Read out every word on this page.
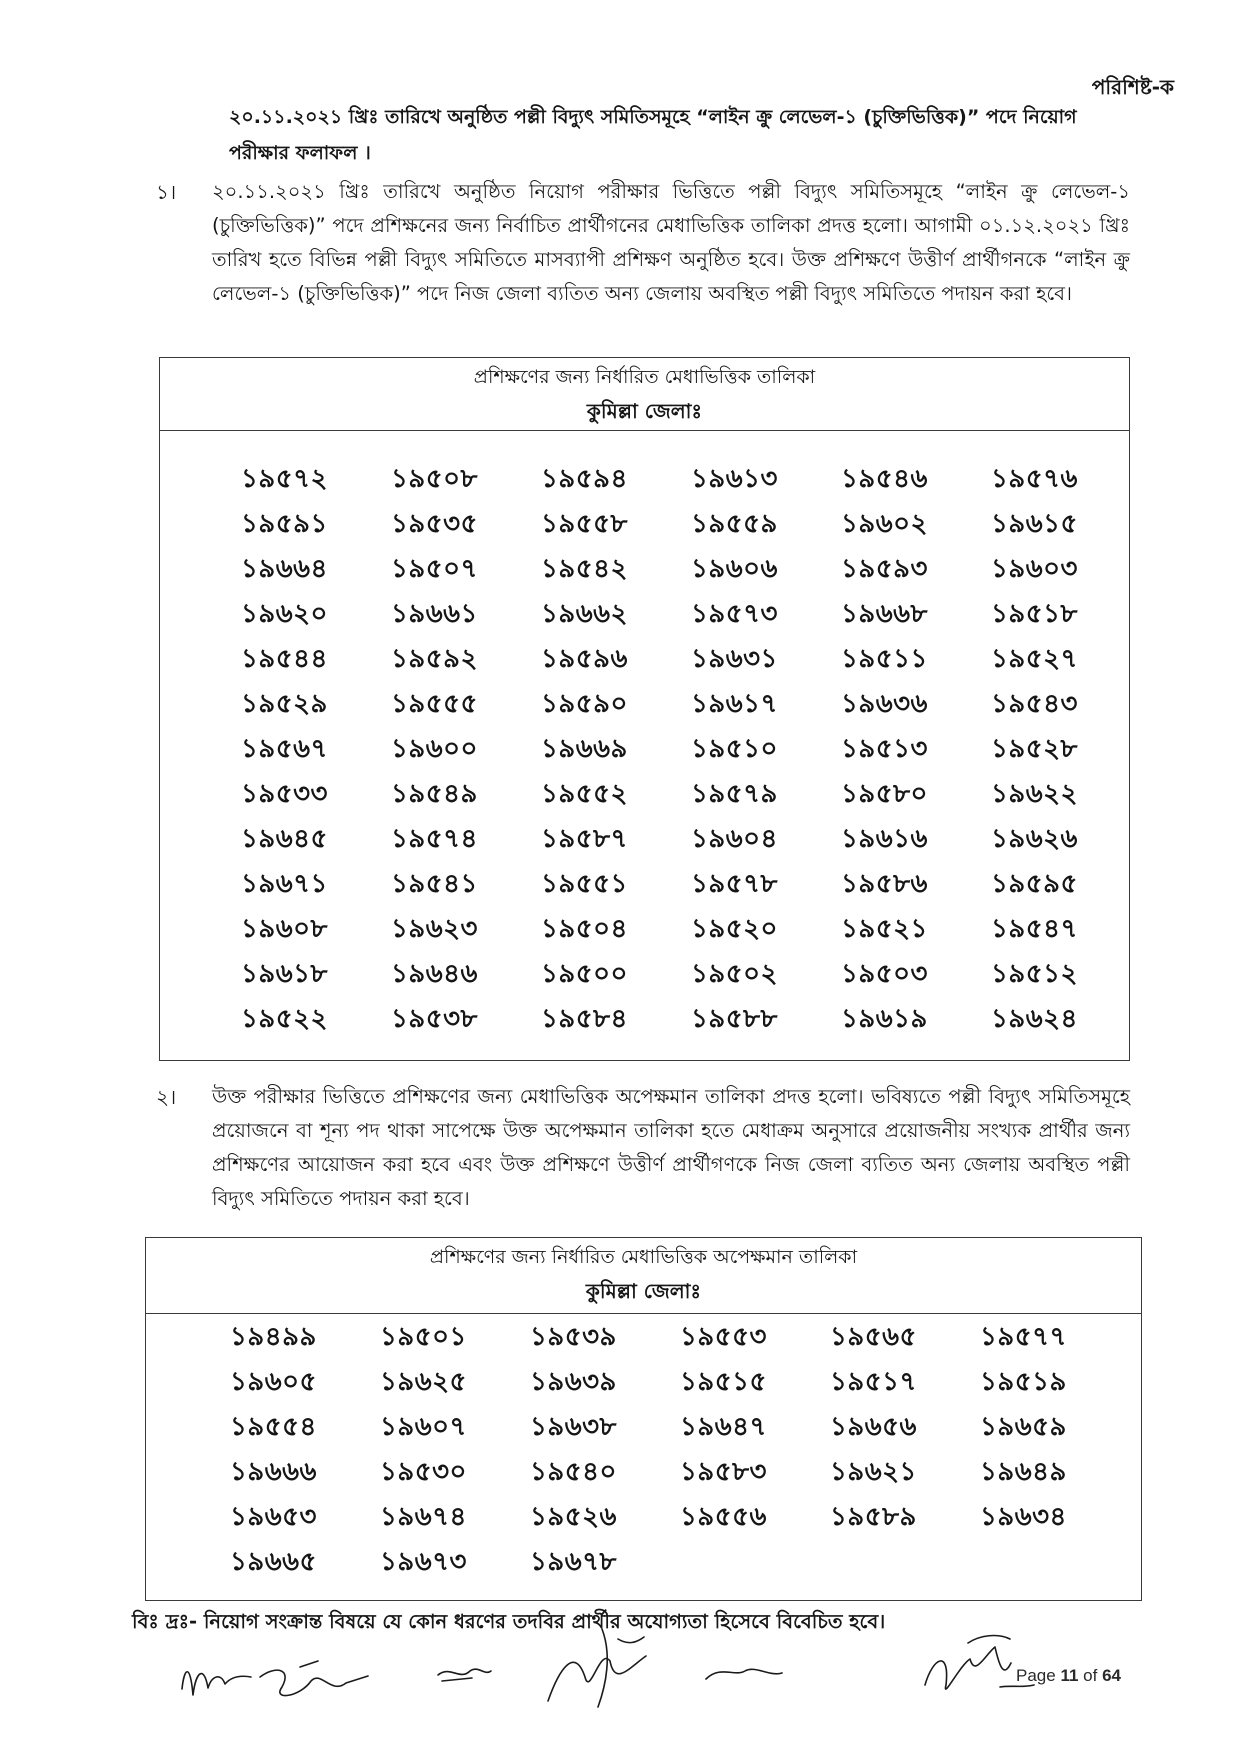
পরিশিষ্ট-ক
২০.১১.২০২১ খ্রিঃ তারিখে অনুষ্ঠিত পল্লী বিদ্যুৎ সমিতিসমূহে “লাইন ক্রু লেভেল-১ (চুক্তিভিত্তিক)” পদে নিয়োগ পরীক্ষার ফলাফল ।
১। ২০.১১.২০২১ খ্রিঃ তারিখে অনুষ্ঠিত নিয়োগ পরীক্ষার ভিত্তিতে পল্লী বিদ্যুৎ সমিতিসমূহে “লাইন ক্রু লেভেল-১ (চুক্তিভিত্তিক)” পদে প্রশিক্ষনের জন্য নির্বাচিত প্রার্থীগনের মেধাভিত্তিক তালিকা প্রদত্ত হলো। আগামী ০১.১২.২০২১ খ্রিঃ তারিখ হতে বিভিন্ন পল্লী বিদ্যুৎ সমিতিতে মাসব্যাপী প্রশিক্ষণ অনুষ্ঠিত হবে। উক্ত প্রশিক্ষণে উত্তীর্ণ প্রার্থীগনকে “লাইন ক্রু লেভেল-১ (চুক্তিভিত্তিক)” পদে নিজ জেলা ব্যতিত অন্য জেলায় অবস্থিত পল্লী বিদ্যুৎ সমিতিতে পদায়ন করা হবে।
প্রশিক্ষণের জন্য নির্ধারিত মেধাভিত্তিক তালিকা
কুমিল্লা জেলাঃ
১৯৫৭২	১৯৫০৮	১৯৫৯৪	১৯৬১৩	১৯৫৪৬	১৯৫৭৬
১৯৫৯১	১৯৫৩৫	১৯৫৫৮	১৯৫৫৯	১৯৬০২	১৯৬১৫
১৯৬৬৪	১৯৫০৭	১৯৫৪২	১৯৬০৬	১৯৫৯৩	১৯৬০৩
১৯৬২০	১৯৬৬১	১৯৬৬২	১৯৫৭৩	১৯৬৬৮	১৯৫১৮
১৯৫৪৪	১৯৫৯২	১৯৫৯৬	১৯৬৩১	১৯৫১১	১৯৫২৭
১৯৫২৯	১৯৫৫৫	১৯৫৯০	১৯৬১৭	১৯৬৩৬	১৯৫৪৩
১৯৫৬৭	১৯৬০০	১৯৬৬৯	১৯৫১০	১৯৫১৩	১৯৫২৮
১৯৫৩৩	১৯৫৪৯	১৯৫৫২	১৯৫৭৯	১৯৫৮০	১৯৬২২
১৯৬৪৫	১৯৫৭৪	১৯৫৮৭	১৯৬০৪	১৯৬১৬	১৯৬২৬
১৯৬৭১	১৯৫৪১	১৯৫৫১	১৯৫৭৮	১৯৫৮৬	১৯৫৯৫
১৯৬০৮	১৯৬২৩	১৯৫০৪	১৯৫২০	১৯৫২১	১৯৫৪৭
১৯৬১৮	১৯৬৪৬	১৯৫০০	১৯৫০২	১৯৫০৩	১৯৫১২
১৯৫২২	১৯৫৩৮	১৯৫৮৪	১৯৫৮৮	১৯৬১৯	১৯৬২৪
২। উক্ত পরীক্ষার ভিত্তিতে প্রশিক্ষণের জন্য মেধাভিত্তিক অপেক্ষমান তালিকা প্রদত্ত হলো। ভবিষ্যতে পল্লী বিদ্যুৎ সমিতিসমূহে প্রয়োজনে বা শূন্য পদ থাকা সাপেক্ষে উক্ত অপেক্ষমান তালিকা হতে মেধাক্রম অনুসারে প্রয়োজনীয় সংখ্যক প্রার্থীর জন্য প্রশিক্ষণের আয়োজন করা হবে এবং উক্ত প্রশিক্ষণে উত্তীর্ণ প্রার্থীগণকে নিজ জেলা ব্যতিত অন্য জেলায় অবস্থিত পল্লী বিদ্যুৎ সমিতিতে পদায়ন করা হবে।
প্রশিক্ষণের জন্য নির্ধারিত মেধাভিত্তিক অপেক্ষমান তালিকা
কুমিল্লা জেলাঃ
১৯৪৯৯	১৯৫০১	১৯৫৩৯	১৯৫৫৩	১৯৫৬৫	১৯৫৭৭
১৯৬০৫	১৯৬২৫	১৯৬৩৯	১৯৫১৫	১৯৫১৭	১৯৫১৯
১৯৫৫৪	১৯৬০৭	১৯৬৩৮	১৯৬৪৭	১৯৬৫৬	১৯৬৫৯
১৯৬৬৬	১৯৫৩০	১৯৫৪০	১৯৫৮৩	১৯৬২১	১৯৬৪৯
১৯৬৫৩	১৯৬৭৪	১৯৫২৬	১৯৫৫৬	১৯৫৮৯	১৯৬৩৪
১৯৬৬৫	১৯৬৭৩	১৯৬৭৮
বিঃ দ্রঃ- নিয়োগ সংক্রান্ত বিষয়ে যে কোন ধরণের তদবির প্রার্থীর অযোগ্যতা হিসেবে বিবেচিত হবে।
Page 11 of 64
